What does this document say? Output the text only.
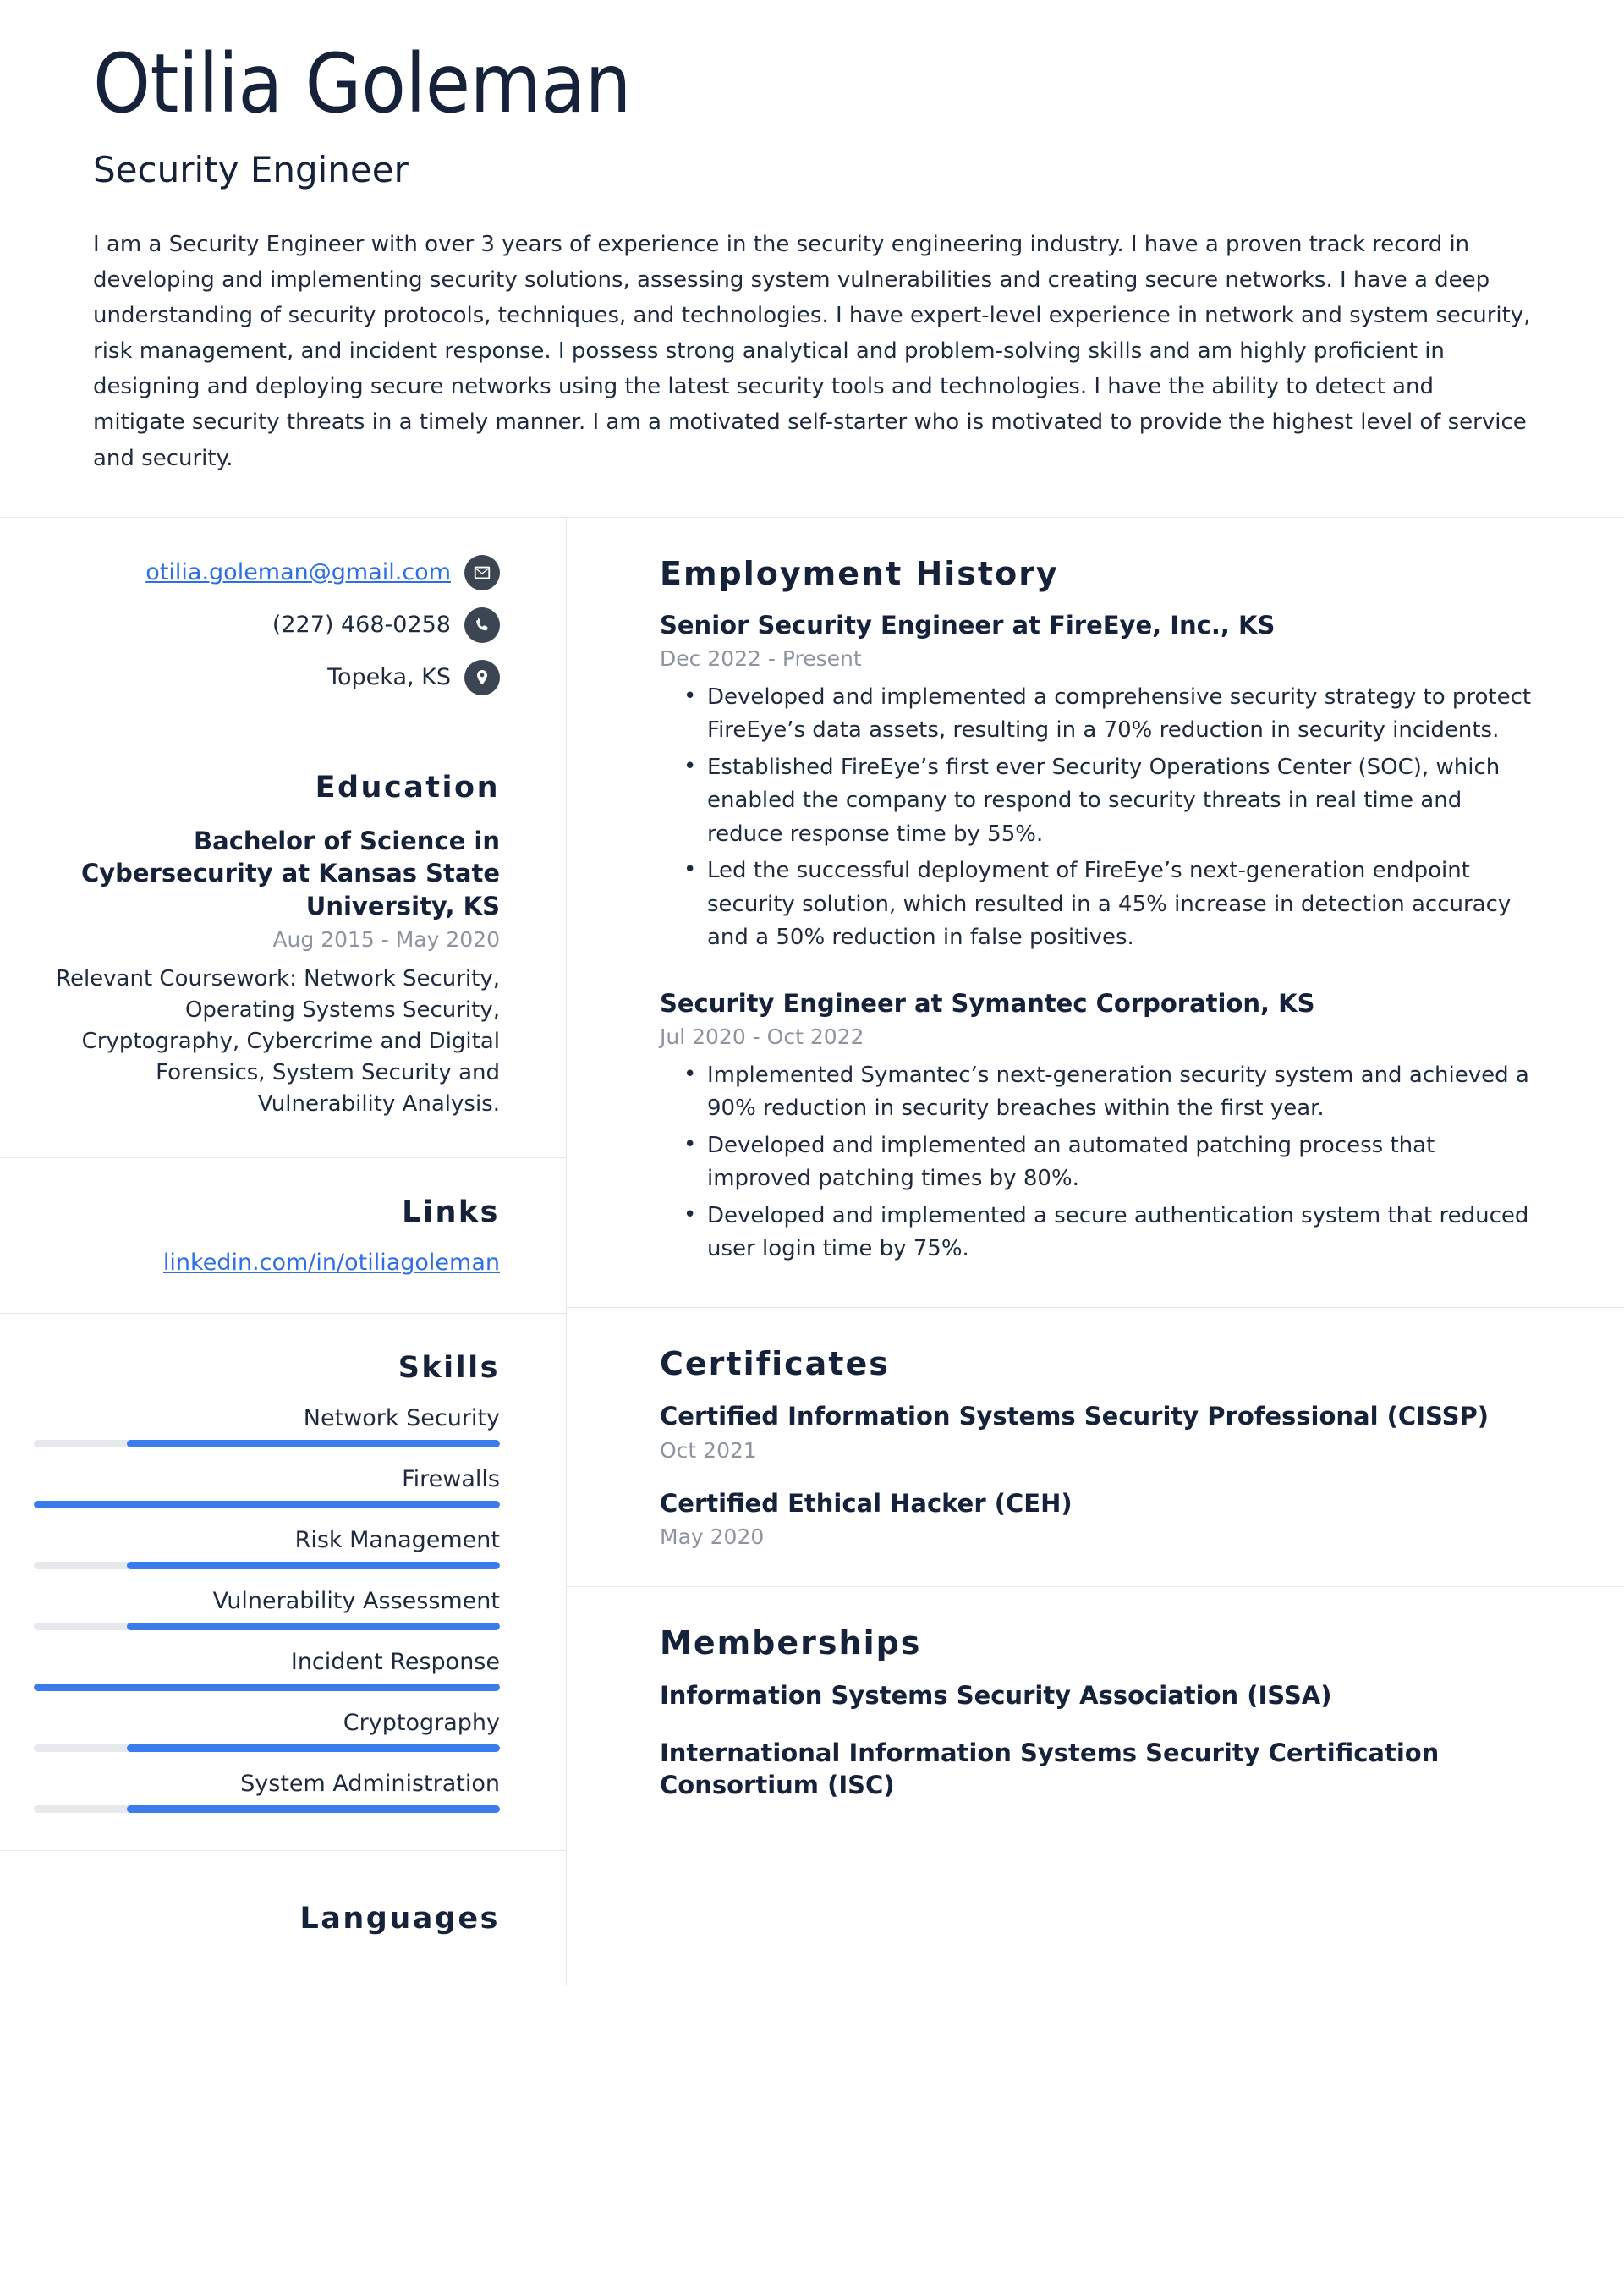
Otilia Goleman
Security Engineer

I am a Security Engineer with over 3 years of experience in the security engineering industry. I have a proven track record in developing and implementing security solutions, assessing system vulnerabilities and creating secure networks. I have a deep understanding of security protocols, techniques, and technologies. I have expert-level experience in network and system security, risk management, and incident response. I possess strong analytical and problem-solving skills and am highly proficient in designing and deploying secure networks using the latest security tools and technologies. I have the ability to detect and mitigate security threats in a timely manner. I am a motivated self-starter who is motivated to provide the highest level of service and security.

otilia.goleman@gmail.com
(227) 468-0258
Topeka, KS
Education
Bachelor of Science in Cybersecurity at Kansas State University, KS
Aug 2015 - May 2020
Relevant Coursework: Network Security, Operating Systems Security, Cryptography, Cybercrime and Digital Forensics, System Security and Vulnerability Analysis.
Links
linkedin.com/in/otiliagoleman
Skills
Network Security
Firewalls
Risk Management
Vulnerability Assessment
Incident Response
Cryptography
System Administration
Languages
Employment History
Senior Security Engineer at FireEye, Inc., KS
Dec 2022 - Present
• Developed and implemented a comprehensive security strategy to protect FireEye’s data assets, resulting in a 70% reduction in security incidents.
• Established FireEye’s first ever Security Operations Center (SOC), which enabled the company to respond to security threats in real time and reduce response time by 55%.
• Led the successful deployment of FireEye’s next-generation endpoint security solution, which resulted in a 45% increase in detection accuracy and a 50% reduction in false positives.
Security Engineer at Symantec Corporation, KS
Jul 2020 - Oct 2022
• Implemented Symantec’s next-generation security system and achieved a 90% reduction in security breaches within the first year.
• Developed and implemented an automated patching process that improved patching times by 80%.
• Developed and implemented a secure authentication system that reduced user login time by 75%.
Certificates
Certified Information Systems Security Professional (CISSP)
Oct 2021
Certified Ethical Hacker (CEH)
May 2020
Memberships
Information Systems Security Association (ISSA)
International Information Systems Security Certification Consortium (ISC)
